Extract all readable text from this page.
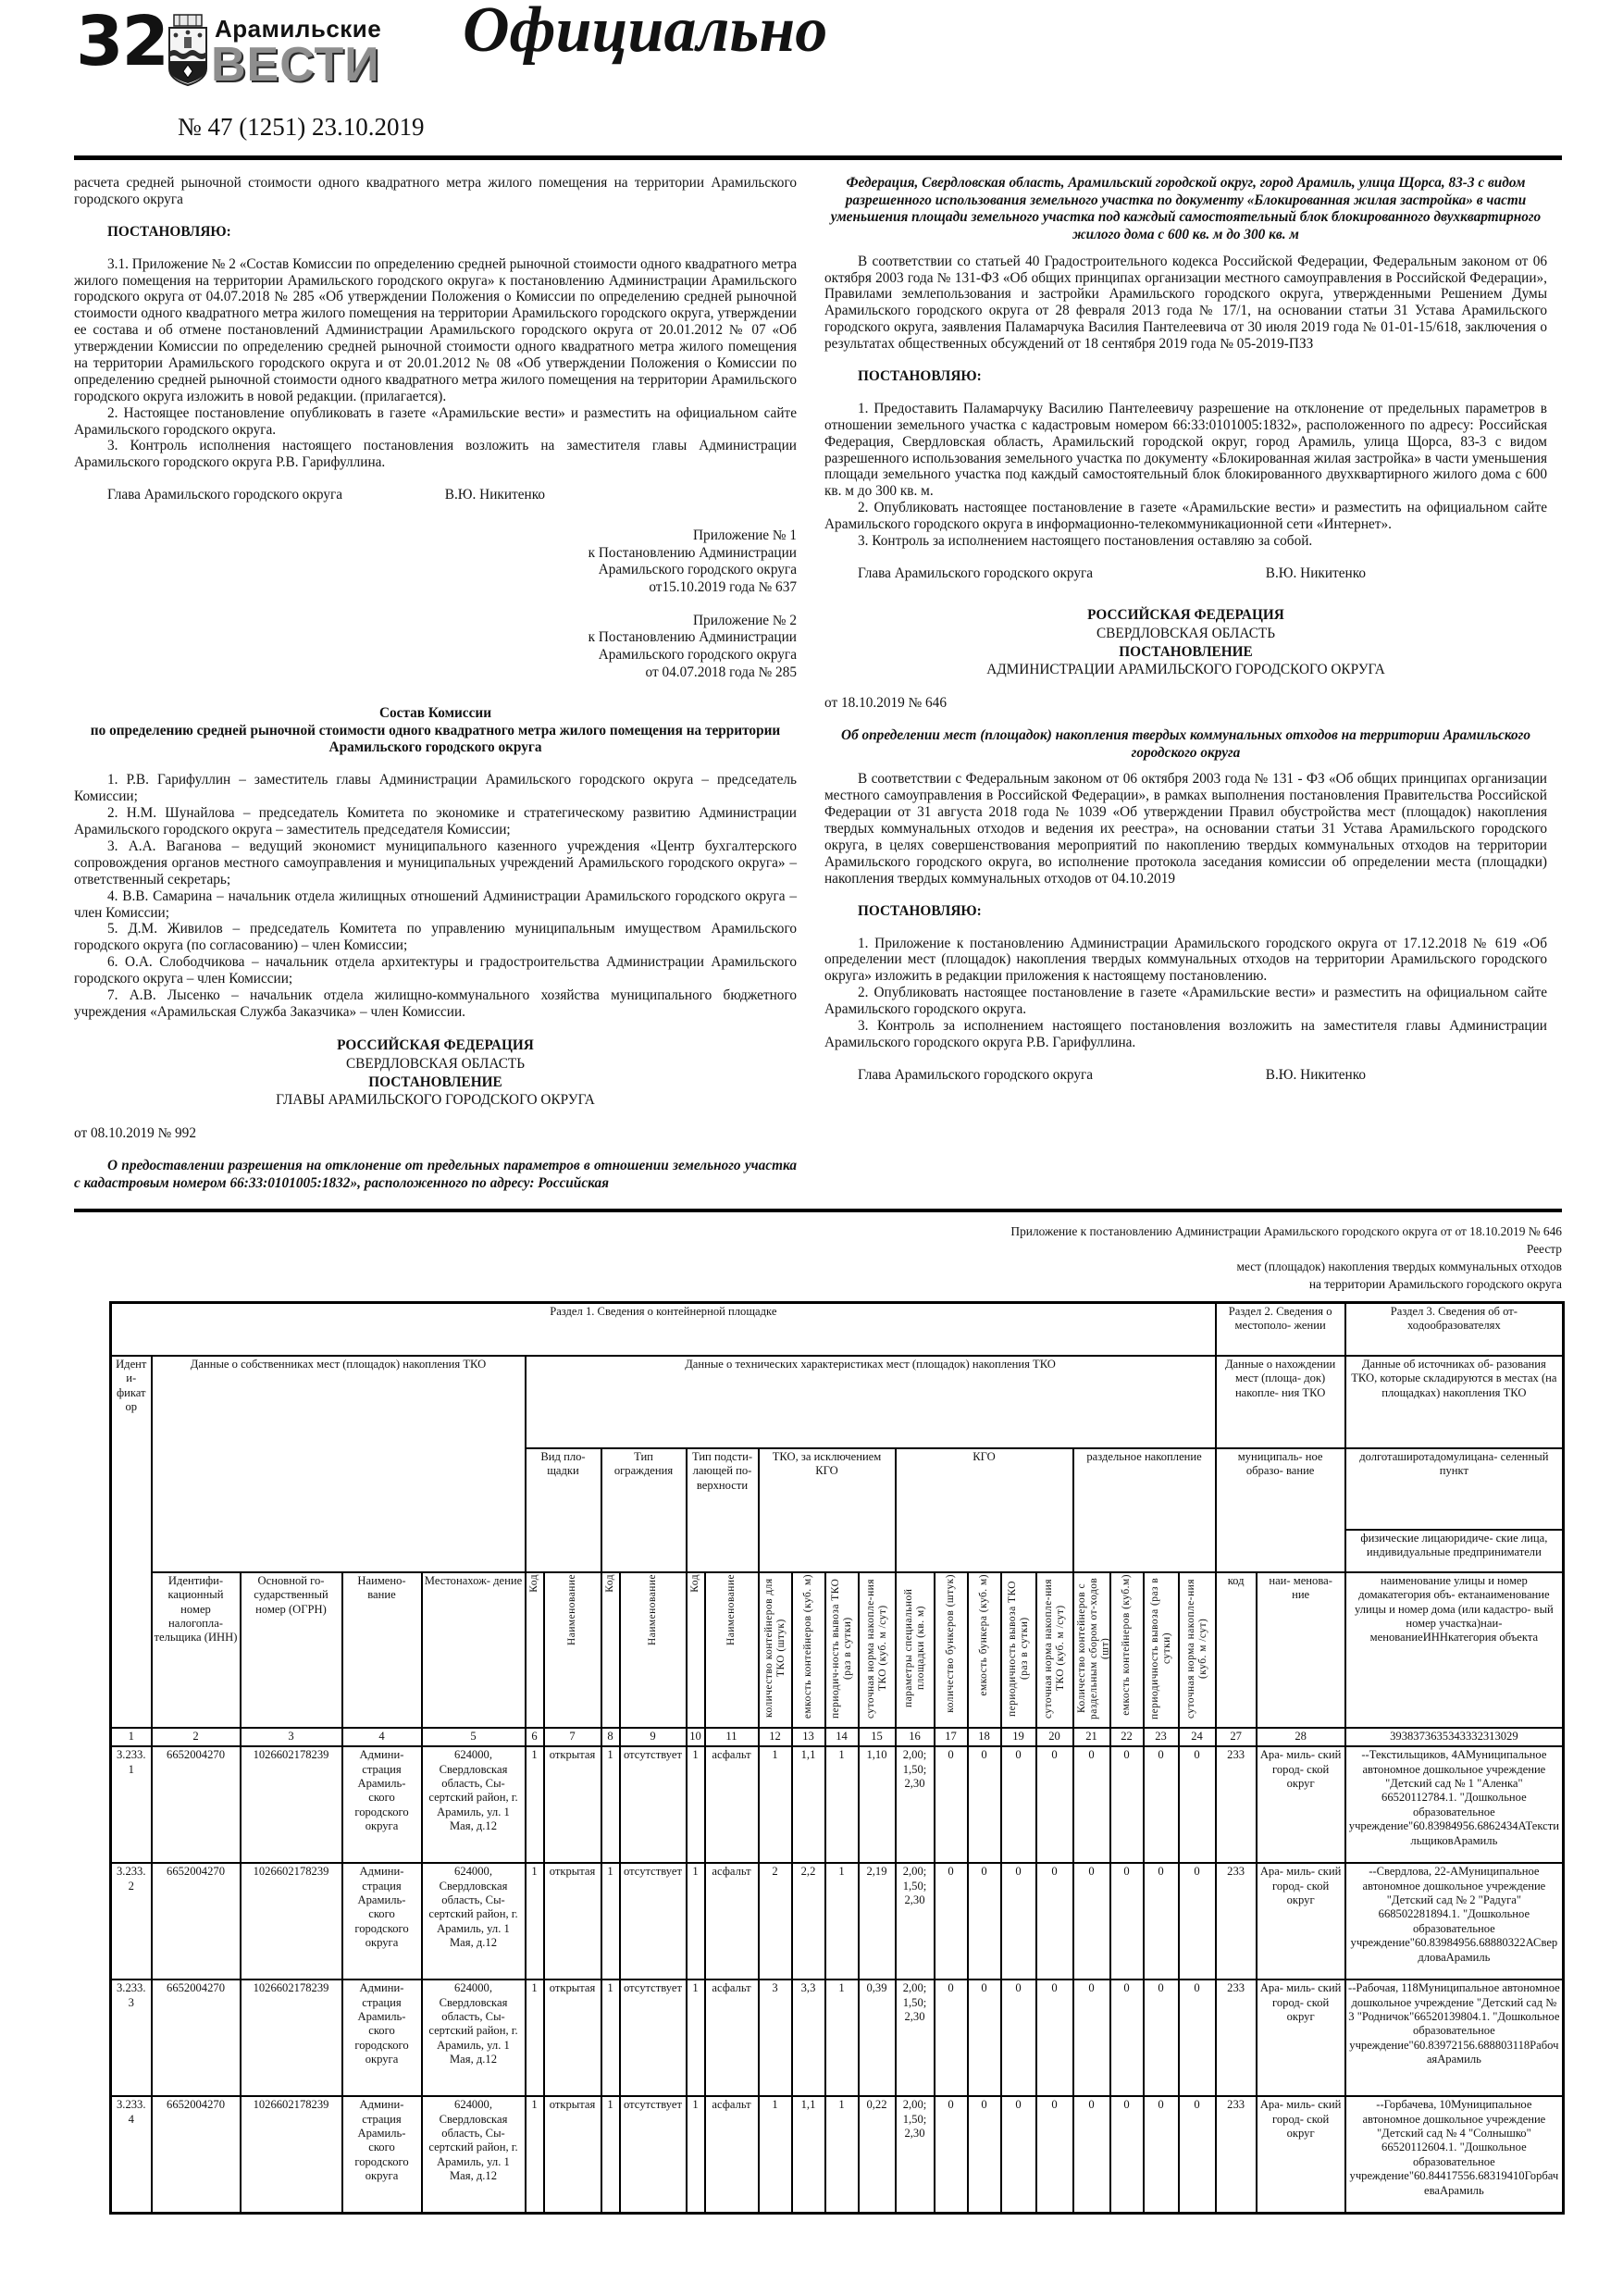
32 Арамильские
ВЕСТИ
№ 47 (1251) 23.10.2019
Официально

расчета средней рыночной стоимости одного квадратного метра жилого помещения на территории Арамильского городского округа

ПОСТАНОВЛЯЮ:

3.1. Приложение № 2 «Состав Комиссии по определению средней рыночной стоимости одного квадратного метра жилого помещения на территории Арамильского городского округа» к постановлению Администрации Арамильского городского округа от 04.07.2018 № 285 «Об утверждении Положения о Комиссии по определению средней рыночной стоимости одного квадратного метра жилого помещения на территории Арамильского городского округа, утверждении ее состава и об отмене постановлений Администрации Арамильского городского округа от 20.01.2012 № 07 «Об утверждении Комиссии по определению средней рыночной стоимости одного квадратного метра жилого помещения на территории Арамильского городского округа и от 20.01.2012 № 08 «Об утверждении Положения о Комиссии по определению средней рыночной стоимости одного квадратного метра жилого помещения на территории Арамильского городского округа изложить в новой редакции. (прилагается).

2. Настоящее постановление опубликовать в газете «Арамильские вести» и разместить на официальном сайте Арамильского городского округа.

3. Контроль исполнения настоящего постановления возложить на заместителя главы Администрации Арамильского городского округа Р.В. Гарифуллина.

Глава Арамильского городского округа	В.Ю. Никитенко
Приложение № 1
к Постановлению Администрации
Арамильского городского округа
от15.10.2019 года № 637
Приложение № 2
к Постановлению Администрации
Арамильского городского округа
от 04.07.2018 года № 285
Состав Комиссии
по определению средней рыночной стоимости одного квадратного метра жилого помещения на территории Арамильского городского округа

1. Р.В. Гарифуллин – заместитель главы Администрации Арамильского городского округа – председатель Комиссии;

2. Н.М. Шунайлова – председатель Комитета по экономике и стратегическому развитию Администрации Арамильского городского округа – заместитель председателя Комиссии;

3. А.А. Ваганова – ведущий экономист муниципального казенного учреждения «Центр бухгалтерского сопровождения органов местного самоуправления и муниципальных учреждений Арамильского городского округа» – ответственный секретарь;

4. В.В. Самарина – начальник отдела жилищных отношений Администрации Арамильского городского округа – член Комиссии;

5. Д.М. Живилов – председатель Комитета по управлению муниципальным имуществом Арамильского городского округа (по согласованию) – член Комиссии;

6. О.А. Слободчикова – начальник отдела архитектуры и градостроительства Администрации Арамильского городского округа – член Комиссии;

7. А.В. Лысенко – начальник отдела жилищно-коммунального хозяйства муниципального бюджетного учреждения «Арамильская Служба Заказчика» – член Комиссии.

РОССИЙСКАЯ ФЕДЕРАЦИЯ
СВЕРДЛОВСКАЯ ОБЛАСТЬ
ПОСТАНОВЛЕНИЕ
ГЛАВЫ АРАМИЛЬСКОГО ГОРОДСКОГО ОКРУГА

от 08.10.2019 № 992

О предоставлении разрешения на отклонение от предельных параметров в отношении земельного участка с кадастровым номером 66:33:0101005:1832», расположенного по адресу: Российская

Федерация, Свердловская область, Арамильский городской округ, город Арамиль, улица Щорса, 83-3 с видом разрешенного использования земельного участка по документу «Блокированная жилая застройка» в части уменьшения площади земельного участка под каждый самостоятельный блок блокированного двухквартирного жилого дома с 600 кв. м до 300 кв. м

В соответствии со статьей 40 Градостроительного кодекса Российской Федерации, Федеральным законом от 06 октября 2003 года № 131-ФЗ «Об общих принципах организации местного самоуправления в Российской Федерации», Правилами землепользования и застройки Арамильского городского округа, утвержденными Решением Думы Арамильского городского округа от 28 февраля 2013 года № 17/1, на основании статьи 31 Устава Арамильского городского округа, заявления Паламарчука Василия Пантелеевича от 30 июля 2019 года № 01-01-15/618, заключения о результатах общественных обсуждений от 18 сентября 2019 года № 05-2019-ПЗЗ

ПОСТАНОВЛЯЮ:

1. Предоставить Паламарчуку Василию Пантелеевичу разрешение на отклонение от предельных параметров в отношении земельного участка с кадастровым номером 66:33:0101005:1832», расположенного по адресу: Российская Федерация, Свердловская область, Арамильский городской округ, город Арамиль, улица Щорса, 83-3 с видом разрешенного использования земельного участка по документу «Блокированная жилая застройка» в части уменьшения площади земельного участка под каждый самостоятельный блок блокированного двухквартирного жилого дома с 600 кв. м до 300 кв. м.

2. Опубликовать настоящее постановление в газете «Арамильские вести» и разместить на официальном сайте Арамильского городского округа в информационно-телекоммуникационной сети «Интернет».

3. Контроль за исполнением настоящего постановления оставляю за собой.

Глава Арамильского городского округа	В.Ю. Никитенко
РОССИЙСКАЯ ФЕДЕРАЦИЯ
СВЕРДЛОВСКАЯ ОБЛАСТЬ
ПОСТАНОВЛЕНИЕ
АДМИНИСТРАЦИИ АРАМИЛЬСКОГО ГОРОДСКОГО ОКРУГА

от 18.10.2019 № 646

Об определении мест (площадок) накопления твердых коммунальных отходов на территории Арамильского городского округа

В соответствии с Федеральным законом от 06 октября 2003 года № 131 - ФЗ «Об общих принципах организации местного самоуправления в Российской Федерации», в рамках выполнения постановления Правительства Российской Федерации от 31 августа 2018 года № 1039 «Об утверждении Правил обустройства мест (площадок) накопления твердых коммунальных отходов и ведения их реестра», на основании статьи 31 Устава Арамильского городского округа, в целях совершенствования мероприятий по накоплению твердых коммунальных отходов на территории Арамильского городского округа, во исполнение протокола заседания комиссии об определении места (площадки) накопления твердых коммунальных отходов от 04.10.2019

ПОСТАНОВЛЯЮ:

1. Приложение к постановлению Администрации Арамильского городского округа от 17.12.2018 № 619 «Об определении мест (площадок) накопления твердых коммунальных отходов на территории Арамильского городского округа» изложить в редакции приложения к настоящему постановлению.

2. Опубликовать настоящее постановление в газете «Арамильские вести» и разместить на официальном сайте Арамильского городского округа.

3. Контроль за исполнением настоящего постановления возложить на заместителя главы Администрации Арамильского городского округа Р.В. Гарифуллина.

Глава Арамильского городского округа	В.Ю. Никитенко
Приложение к постановлению Администрации Арамильского городского округа от от 18.10.2019 № 646
Реестр
мест (площадок) накопления твердых коммунальных отходов
на территории Арамильского городского округа
Раздел 1. Сведения о контейнерной площадке																								Раздел 2. Сведения о местополо- жении		Раздел 3. Сведения об от- ходообразователях
Иденти- фикатор	Данные о собственниках мест (площадок) накопления ТКО				Данные о технических характеристиках мест (площадок) накопления ТКО																			Данные о нахождении мест (площа- док) накопле- ния ТКО		Данные об источниках об- разования ТКО, которые складируются в местах (на площадках) накопления ТКО
					Вид пло- щадки		Тип ограждения		Тип подсти- лающей по- верхности		ТКО, за исключением КГО				КГО					раздельное накопление				муниципаль- ное образо- вание		долготаширотадомулицана- селенный пункт
																										физические лицаюридиче- ские лица, индивидуальные предприниматели
	Идентифи- кационный номер налогопла- тельщика (ИНН)	Основной го- сударственный номер (ОГРН)	Наимено- вание	Местонахож- дение	Код	Наименование	Код	Наименование	Код	Наименование	количество контейнеров для ТКО (штук)	емкость контейнеров (куб. м)	периодич-ность вывоза ТКО (раз в сутки)	суточная норма накопле-ния ТКО (куб. м /сут)	параметры специальной площадки (кв. м)	количество бункеров (штук)	емкость бункера (куб. м)	периодичность вывоза ТКО (раз в сутки)	суточная норма накопле-ния ТКО (куб. м /сут)	Количество контейнеров с раздельным сбором от-ходов (шт)	емкость контейнеров (куб.м)	периодичность вывоза (раз в сутки)	суточная норма накопле-ния (куб. м /сут)	код	наи- менова- ние	наименование улицы и номер домакатегория объ- ектанаименование улицы и номер дома (или кадастро- вый номер участка)наи- менованиеИННкатегория объекта
1	2	3	4	5	6	7	8	9	10	11	12	13	14	15	16	17	18	19	20	21	22	23	24	27	28	3938373635343332313029
3.233.1	6652004270	1026602178239	Админи- страция Арамиль- ского городского округа	624000, Свердловская область, Сы- сертский район, г. Арамиль, ул. 1 Мая, д.12	1	открытая	1	отсутствует	1	асфальт	1	1,1	1	1,10	2,00; 1,50; 2,30	0	0	0	0	0	0	0	0	233	Ара- миль- ский город- ской округ	--Текстильщиков, 4АМуниципальное автономное дошкольное учреждение "Детский сад № 1 "Аленка" 66520112784.1. "Дошкольное образовательное учреждение"60.83984956.6862434АТекстильщиковАрамиль
3.233.2	6652004270	1026602178239	Админи- страция Арамиль- ского городского округа	624000, Свердловская область, Сы- сертский район, г. Арамиль, ул. 1 Мая, д.12	1	открытая	1	отсутствует	1	асфальт	2	2,2	1	2,19	2,00; 1,50; 2,30	0	0	0	0	0	0	0	0	233	Ара- миль- ский город- ской округ	--Свердлова, 22-АМуниципальное автономное дошкольное учреждение "Детский сад № 2 "Радуга" 668502281894.1. "Дошкольное образовательное учреждение"60.83984956.68880322АСвердловаАрамиль
3.233.3	6652004270	1026602178239	Админи- страция Арамиль- ского городского округа	624000, Свердловская область, Сы- сертский район, г. Арамиль, ул. 1 Мая, д.12	1	открытая	1	отсутствует	1	асфальт	3	3,3	1	0,39	2,00; 1,50; 2,30	0	0	0	0	0	0	0	0	233	Ара- миль- ский город- ской округ	--Рабочая, 118Муниципальное автономное дошкольное учреждение "Детский сад № 3 "Родничок"66520139804.1. "Дошкольное образовательное учреждение"60.83972156.688803118РабочаяАрамиль
3.233.4	6652004270	1026602178239	Админи- страция Арамиль- ского городского округа	624000, Свердловская область, Сы- сертский район, г. Арамиль, ул. 1 Мая, д.12	1	открытая	1	отсутствует	1	асфальт	1	1,1	1	0,22	2,00; 1,50; 2,30	0	0	0	0	0	0	0	0	233	Ара- миль- ский город- ской округ	--Горбачева, 10Муниципальное автономное дошкольное учреждение "Детский сад № 4 "Солнышко" 66520112604.1. "Дошкольное образовательное учреждение"60.84417556.68319410ГорбачеваАрамиль
